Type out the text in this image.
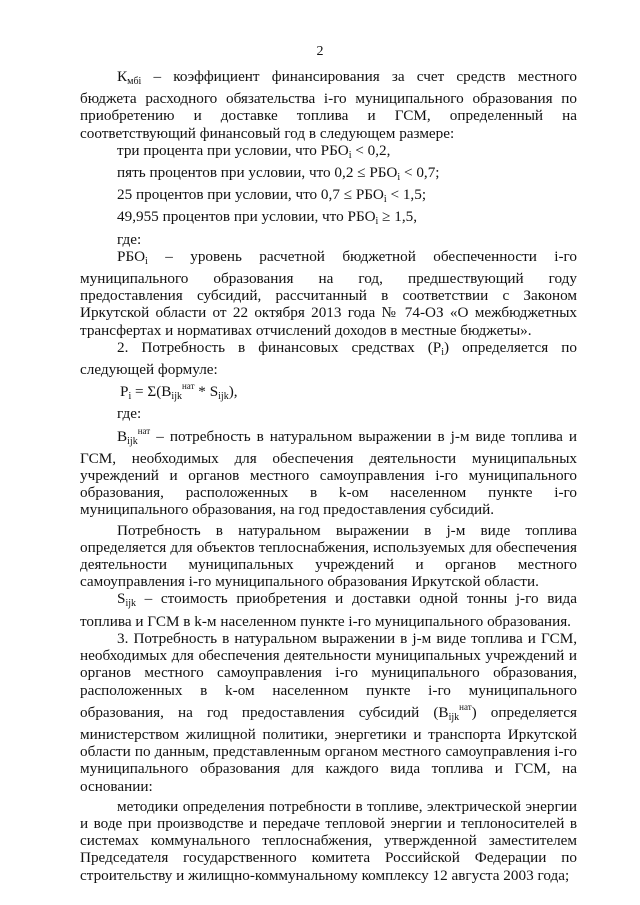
2

$К_{мбi}$ – коэффициент финансирования за счет средств местного бюджета расходного обязательства i-го муниципального образования по приобретению и доставке топлива и ГСМ, определенный на соответствующий финансовый год в следующем размере:

три процента при условии, что $РБО_i < 0,2$,

пять процентов при условии, что $0,2 \le РБО_i < 0,7$;

25 процентов при условии, что $0,7 \le РБО_i < 1,5$;

49,955 процентов при условии, что $РБО_i \ge 1,5$,

где:

$РБО_i$ – уровень расчетной бюджетной обеспеченности i-го муниципального образования на год, предшествующий году предоставления субсидий, рассчитанный в соответствии с Законом Иркутской области от 22 октября 2013 года № 74-ОЗ «О межбюджетных трансфертах и нормативах отчислений доходов в местные бюджеты».

2. Потребность в финансовых средствах $(P_i)$ определяется по следующей формуле:

$P_i = \Sigma(B_{ijk}^{нат} * S_{ijk})$,

где:

$B_{ijk}^{нат}$ – потребность в натуральном выражении в j-м виде топлива и ГСМ, необходимых для обеспечения деятельности муниципальных учреждений и органов местного самоуправления i-го муниципального образования, расположенных в k-ом населенном пункте i-го муниципального образования, на год предоставления субсидий.

Потребность в натуральном выражении в j-м виде топлива определяется для объектов теплоснабжения, используемых для обеспечения деятельности муниципальных учреждений и органов местного самоуправления i-го муниципального образования Иркутской области.

$S_{ijk}$ – стоимость приобретения и доставки одной тонны j-го вида топлива и ГСМ в k-м населенном пункте i-го муниципального образования.

3. Потребность в натуральном выражении в j-м виде топлива и ГСМ, необходимых для обеспечения деятельности муниципальных учреждений и органов местного самоуправления i-го муниципального образования, расположенных в k-ом населенном пункте i-го муниципального образования, на год предоставления субсидий $(B_{ijk}^{нат})$ определяется министерством жилищной политики, энергетики и транспорта Иркутской области по данным, представленным органом местного самоуправления i-го муниципального образования для каждого вида топлива и ГСМ, на основании:

методики определения потребности в топливе, электрической энергии и воде при производстве и передаче тепловой энергии и теплоносителей в системах коммунального теплоснабжения, утвержденной заместителем Председателя государственного комитета Российской Федерации по строительству и жилищно-коммунальному комплексу 12 августа 2003 года;
